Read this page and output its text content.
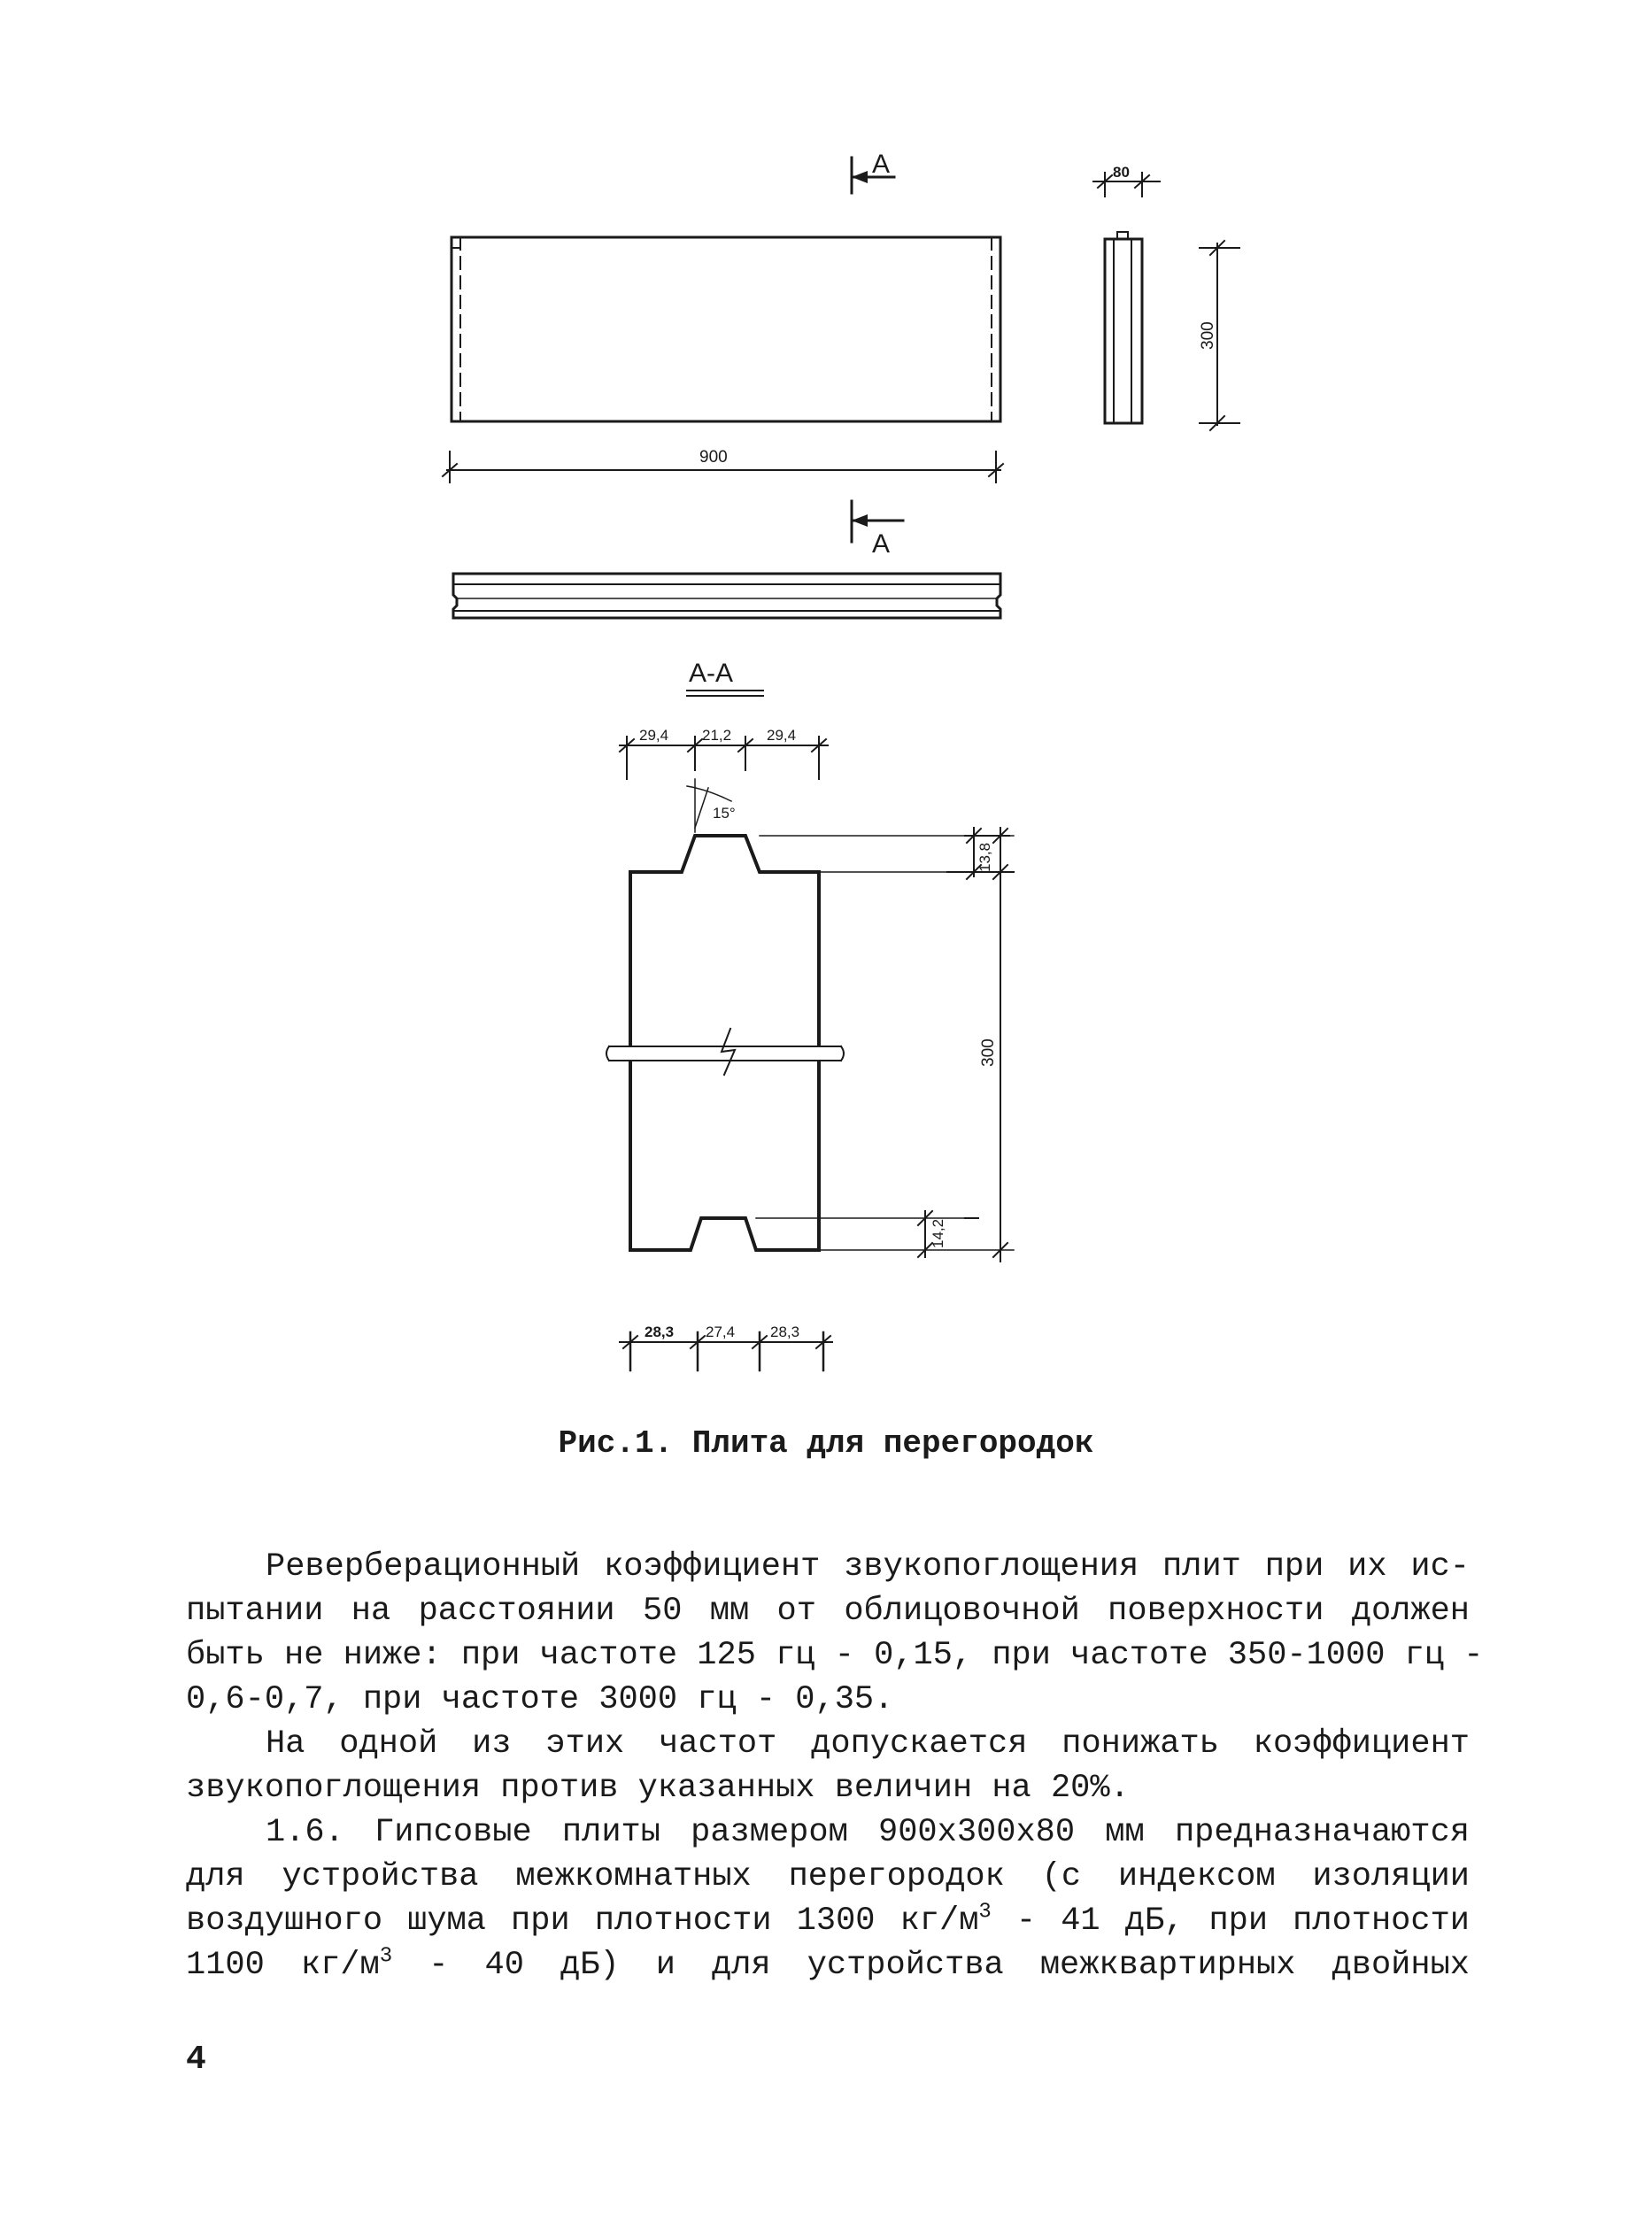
А
900
А
80
300
А-А
29,4 21,2 29,4
15°
13,8
14,2
300
28,3 27,4 28,3
Рис.1. Плита для перегородок
Реверберационный коэффициент звукопоглощения плит при их ис-
пытании на расстоянии 50 мм от облицовочной поверхности должен
быть не ниже: при частоте 125 гц - 0,15, при частоте 350-1000 гц -
0,6-0,7, при частоте 3000 гц - 0,35.
На одной из этих частот допускается понижать коэффициент
звукопоглощения против указанных величин на 20%.
1.6. Гипсовые плиты размером 900х300х80 мм предназначаются
для устройства межкомнатных перегородок (с индексом изоляции
воздушного шума при плотности 1300 $кг/м^3 - 41$ дБ, при плотности
1100 $кг/м^3 - 40$ дБ) и для устройства межквартирных двойных
4
